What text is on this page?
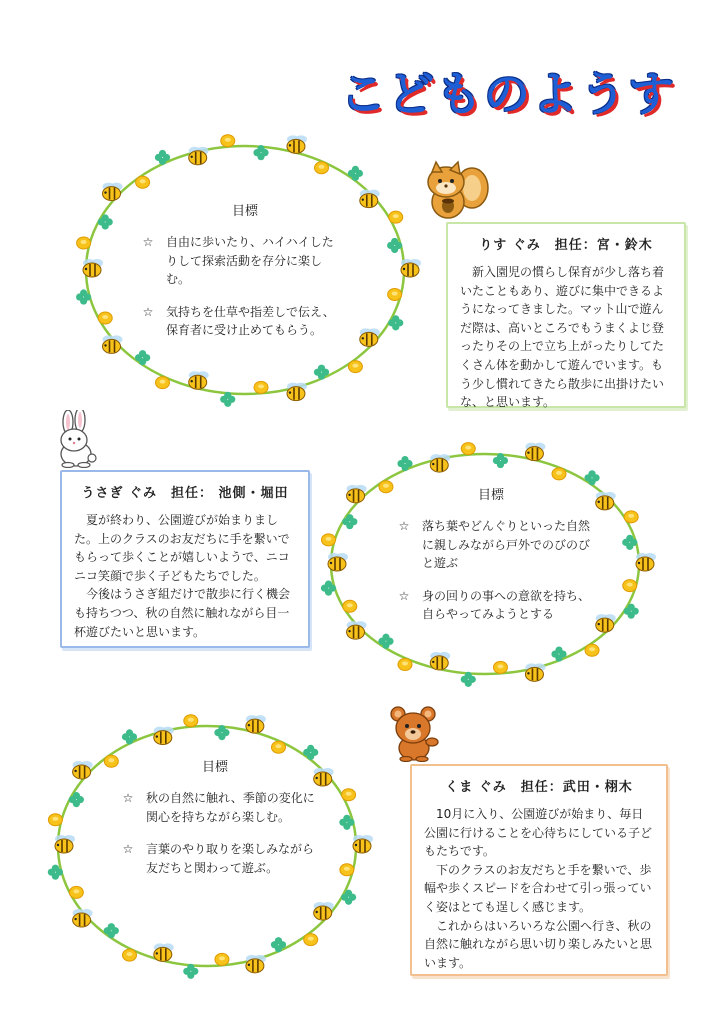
こどものようす
目標
☆ 自由に歩いたり、ハイハイしたりして探索活動を存分に楽しむ。
☆ 気持ちを仕草や指差しで伝え、保育者に受け止めてもらう。
りす ぐみ　担任：宮・鈴木

新入園児の慣らし保育が少し落ち着いたこともあり、遊びに集中できるようになってきました。マット山で遊んだ際は、高いところでもうまくよじ登ったりその上で立ち上がったりしてたくさん体を動かして遊んでいます。もう少し慣れてきたら散歩に出掛けたいな、と思います。

うさぎ ぐみ　担任： 池側・堀田

夏が終わり、公園遊びが始まりました。上のクラスのお友だちに手を繋いでもらって歩くことが嬉しいようで、ニコニコ笑顔で歩く子どもたちでした。

今後はうさぎ組だけで散歩に行く機会も持ちつつ、秋の自然に触れながら目一杯遊びたいと思います。

目標
☆ 落ち葉やどんぐりといった自然に親しみながら戸外でのびのびと遊ぶ
☆ 身の回りの事への意欲を持ち、自らやってみようとする
くま ぐみ　担任：武田・栩木

10月に入り、公園遊びが始まり、毎日公園に行けることを心待ちにしている子どもたちです。

下のクラスのお友だちと手を繋いで、歩幅や歩くスピードを合わせて引っ張っていく姿はとても逞しく感じます。

これからはいろいろな公園へ行き、秋の自然に触れながら思い切り楽しみたいと思います。

目標
☆ 秋の自然に触れ、季節の変化に関心を持ちながら楽しむ。
☆ 言葉のやり取りを楽しみながら友だちと関わって遊ぶ。
